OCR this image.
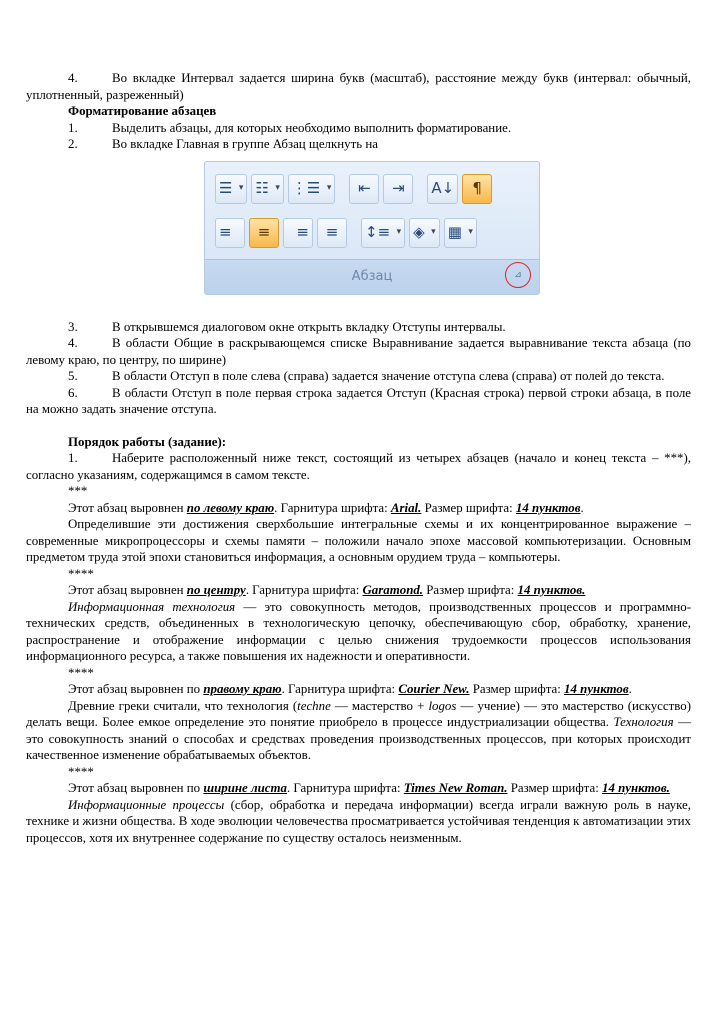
4.	Во вкладке Интервал задается ширина букв (масштаб), расстояние между букв (интервал: обычный, уплотненный, разреженный)

Форматирование абзацев

1.	Выделить абзацы, для которых необходимо выполнить форматирование.

2.	Во вкладке Главная в группе Абзац щелкнуть на

☰
▾ ☷
▾ ⋮☰
▾	⇤ ⇥ А↓ ¶
≡ ≡ ≡ ≡ ↕≡
▾ ◈
▾ ▦
▾
Абзац	⊿

3.	В открывшемся диалоговом окне открыть вкладку Отступы интервалы.

4.	В области Общие в раскрывающемся списке Выравнивание задается выравнивание текста абзаца (по левому краю, по центру, по ширине)

5.	В области Отступ в поле слева (справа) задается значение отступа слева (справа) от полей до текста.

6.	В области Отступ в поле первая строка задается Отступ (Красная строка) первой строки абзаца, в поле на можно задать значение отступа.

Порядок работы (задание):

1.	Наберите расположенный ниже текст, состоящий из четырех абзацев (начало и конец текста – ***), согласно указаниям, содержащимся в самом тексте.

***

Этот абзац выровнен по левому краю. Гарнитура шрифта: Arial. Размер шрифта: 14 пунктов.

Определившие эти достижения сверхбольшие интегральные схемы и их концентрированное выражение – современные микропроцессоры и схемы памяти – положили начало эпохе массовой компьютеризации. Основным предметом труда этой эпохи становиться информация, а основным орудием труда – компьютеры.

****

Этот абзац выровнен по центру. Гарнитура шрифта: Garamond. Размер шрифта: 14 пунктов.

Информационная технология — это совокупность методов, производственных процессов и программно-технических средств, объединенных в технологическую цепочку, обеспечивающую сбор, обработку, хранение, распространение и отображение информации с целью снижения трудоемкости процессов использования информационного ресурса, а также повышения их надежности и оперативности.

****

Этот абзац выровнен по правому краю. Гарнитура шрифта: Courier New. Размер шрифта: 14 пунктов.

Древние греки считали, что технология (techne — мастерство + logos — учение) — это мастерство (искусство) делать вещи. Более емкое определение это понятие приобрело в процессе индустриализации общества. Технология — это совокупность знаний о способах и средствах проведения производственных процессов, при которых происходит качественное изменение обрабатываемых объектов.

****

Этот абзац выровнен по ширине листа. Гарнитура шрифта: Times New Roman. Размер шрифта: 14 пунктов.

Информационные процессы (сбор, обработка и передача информации) всегда играли важную роль в науке, технике и жизни общества. В ходе эволюции человечества просматривается устойчивая тенденция к автоматизации этих процессов, хотя их внутреннее содержание по существу осталось неизменным.
